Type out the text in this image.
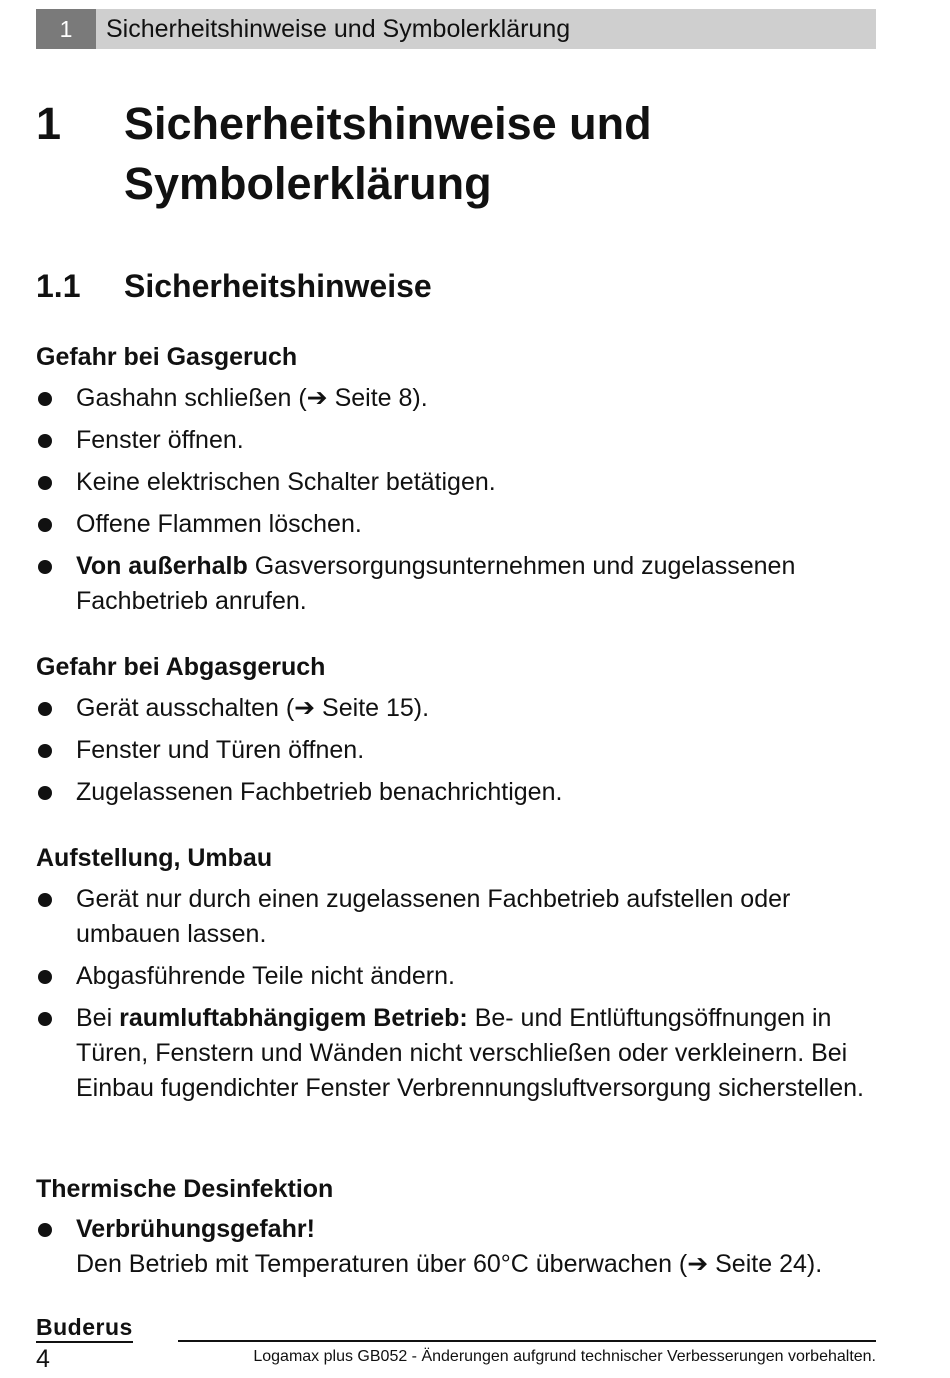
1	Sicherheitshinweise und Symbolerklärung
1	Sicherheitshinweise und
Symbolerklärung
1.1	Sicherheitshinweise
Gefahr bei Gasgeruch
Gashahn schließen (➔ Seite 8).
Fenster öffnen.
Keine elektrischen Schalter betätigen.
Offene Flammen löschen.
Von außerhalb Gasversorgungsunternehmen und zugelassenen Fachbetrieb anrufen.
Gefahr bei Abgasgeruch
Gerät ausschalten (➔ Seite 15).
Fenster und Türen öffnen.
Zugelassenen Fachbetrieb benachrichtigen.
Aufstellung, Umbau
Gerät nur durch einen zugelassenen Fachbetrieb aufstellen oder umbauen lassen.
Abgasführende Teile nicht ändern.
Bei raumluftabhängigem Betrieb: Be- und Entlüftungsöffnungen in Türen, Fenstern und Wänden nicht verschließen oder verkleinern. Bei Einbau fugendichter Fenster Verbrennungsluftversorgung sicherstellen.
Thermische Desinfektion
Verbrühungsgefahr!
Den Betrieb mit Temperaturen über 60°C überwachen (➔ Seite 24).
Buderus
4	Logamax plus GB052 - Änderungen aufgrund technischer Verbesserungen vorbehalten.
